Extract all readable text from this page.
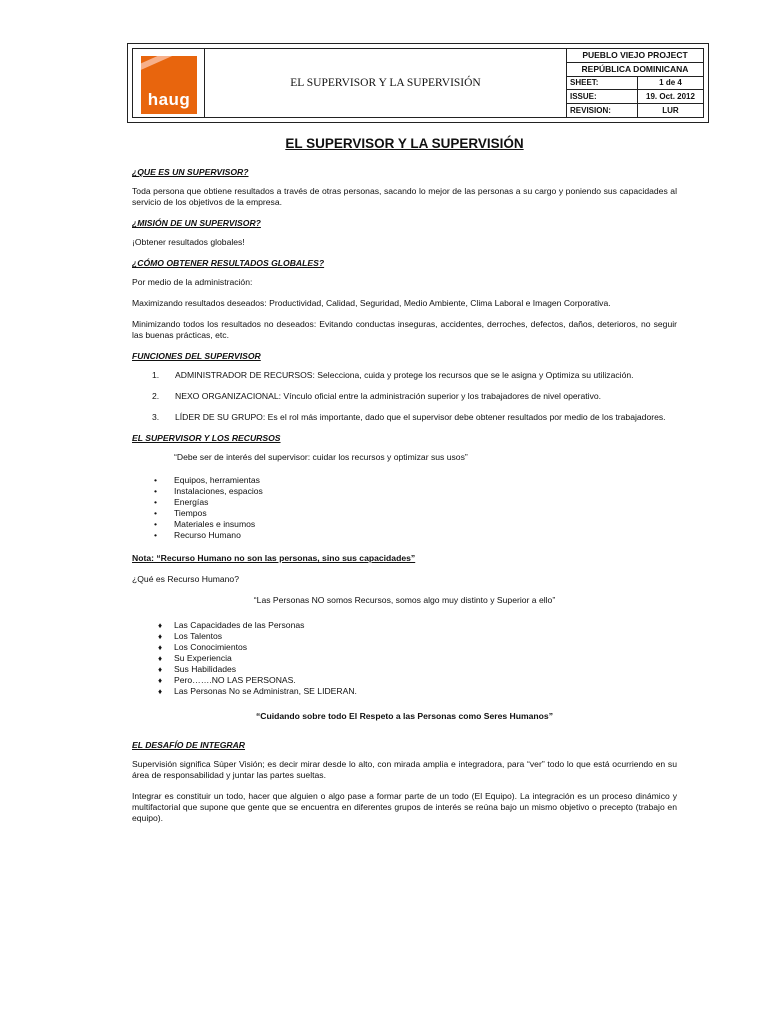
haug
EL SUPERVISOR Y LA SUPERVISIÓN
PUEBLO VIEJO PROJECT
REPÚBLICA DOMINICANA
SHEET:	1 de 4
ISSUE:	19. Oct. 2012
REVISION:	LUR
EL SUPERVISOR Y LA SUPERVISIÓN
¿QUE ES UN SUPERVISOR?

Toda persona que obtiene resultados a través de otras personas, sacando lo mejor de las personas a su cargo y poniendo sus capacidades al servicio de los objetivos de la empresa.

¿MISIÓN DE UN SUPERVISOR?

¡Obtener resultados globales!

¿CÓMO OBTENER RESULTADOS GLOBALES?

Por medio de la administración:

Maximizando resultados deseados: Productividad, Calidad, Seguridad, Medio Ambiente, Clima Laboral e Imagen Corporativa.

Minimizando todos los resultados no deseados: Evitando conductas inseguras, accidentes, derroches, defectos, daños, deterioros, no seguir las buenas prácticas, etc.

FUNCIONES DEL SUPERVISOR
1.	ADMINISTRADOR DE RECURSOS: Selecciona, cuida y protege los recursos que se le asigna y Optimiza su utilización.
2.	NEXO ORGANIZACIONAL: Vínculo oficial entre la administración superior y los trabajadores de nivel operativo.
3.	LÍDER DE SU GRUPO: Es el rol más importante, dado que el supervisor debe obtener resultados por medio de los trabajadores.
EL SUPERVISOR Y LOS RECURSOS
“Debe ser de interés del supervisor: cuidar los recursos y optimizar sus usos”
•	Equipos, herramientas
•	Instalaciones, espacios
•	Energías
•	Tiempos
•	Materiales e insumos
•	Recurso Humano
Nota: “Recurso Humano no son las personas, sino sus capacidades”

¿Qué es Recurso Humano?

“Las Personas NO somos Recursos, somos algo muy distinto y Superior a ello”
♦	Las Capacidades de las Personas
♦	Los Talentos
♦	Los Conocimientos
♦	Su Experiencia
♦	Sus Habilidades
♦	Pero…….NO LAS PERSONAS.
♦	Las Personas No se Administran, SE LIDERAN.
“Cuidando sobre todo El Respeto a las Personas como Seres Humanos”
EL DESAFÍO DE INTEGRAR

Supervisión significa Súper Visión; es decir mirar desde lo alto, con mirada amplia e integradora, para “ver” todo lo que está ocurriendo en su área de responsabilidad y juntar las partes sueltas.

Integrar es constituir un todo, hacer que alguien o algo pase a formar parte de un todo (El Equipo). La integración es un proceso dinámico y multifactorial que supone que gente que se encuentra en diferentes grupos de interés se reúna bajo un mismo objetivo o precepto (trabajo en equipo).
